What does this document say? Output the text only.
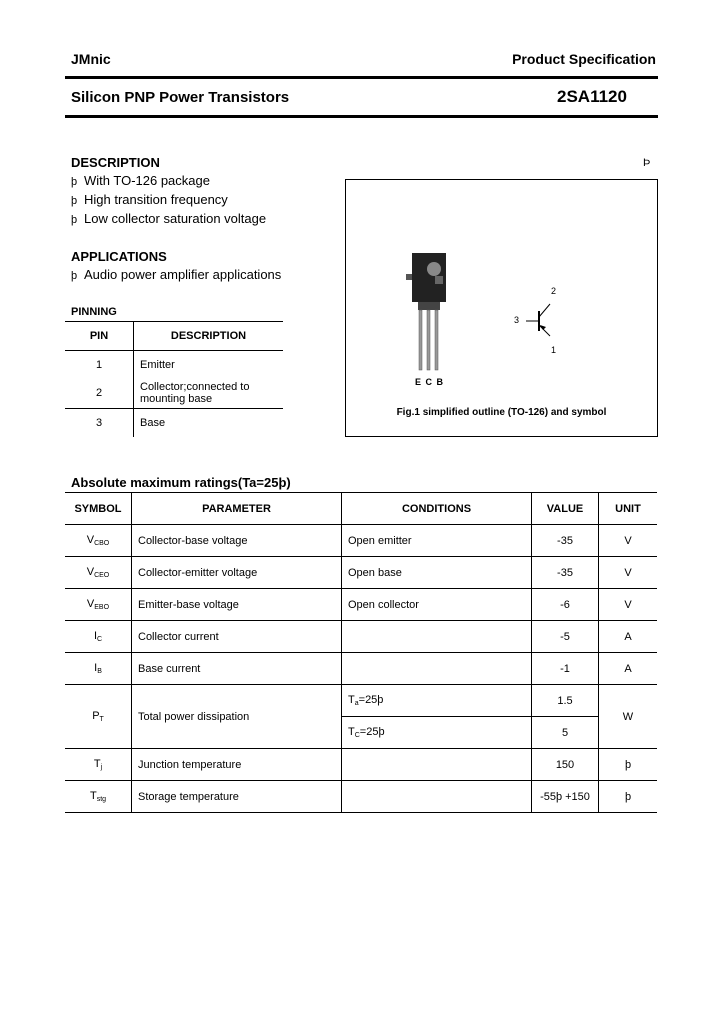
JMnic	Product Specification
Silicon PNP Power Transistors	2SA1120
DESCRIPTION	Þ
þ With TO-126 package
þ High transition frequency
þ Low collector saturation voltage
APPLICATIONS
þ Audio power amplifier applications
PINNING
PIN	DESCRIPTION
1	Emitter
2	Collector;connected to mounting base
3	Base
E C B
2
3
1
Fig.1 simplified outline (TO-126) and symbol
Absolute maximum ratings(Ta=25þ)
SYMBOL	PARAMETER	CONDITIONS	VALUE	UNIT
$V_{CBO}$	Collector-base voltage	Open emitter	-35	V
$V_{CEO}$	Collector-emitter voltage	Open base	-35	V
$V_{EBO}$	Emitter-base voltage	Open collector	-6	V
$I_C$	Collector current		-5	A
$I_B$	Base current		-1	A
$P_T$	Total power dissipation	$T_a=25þ$	1.5	W
		$T_C=25þ$	5	
$T_j$	Junction temperature		150	þ
$T_{stg}$	Storage temperature		-55þ +150	þ
